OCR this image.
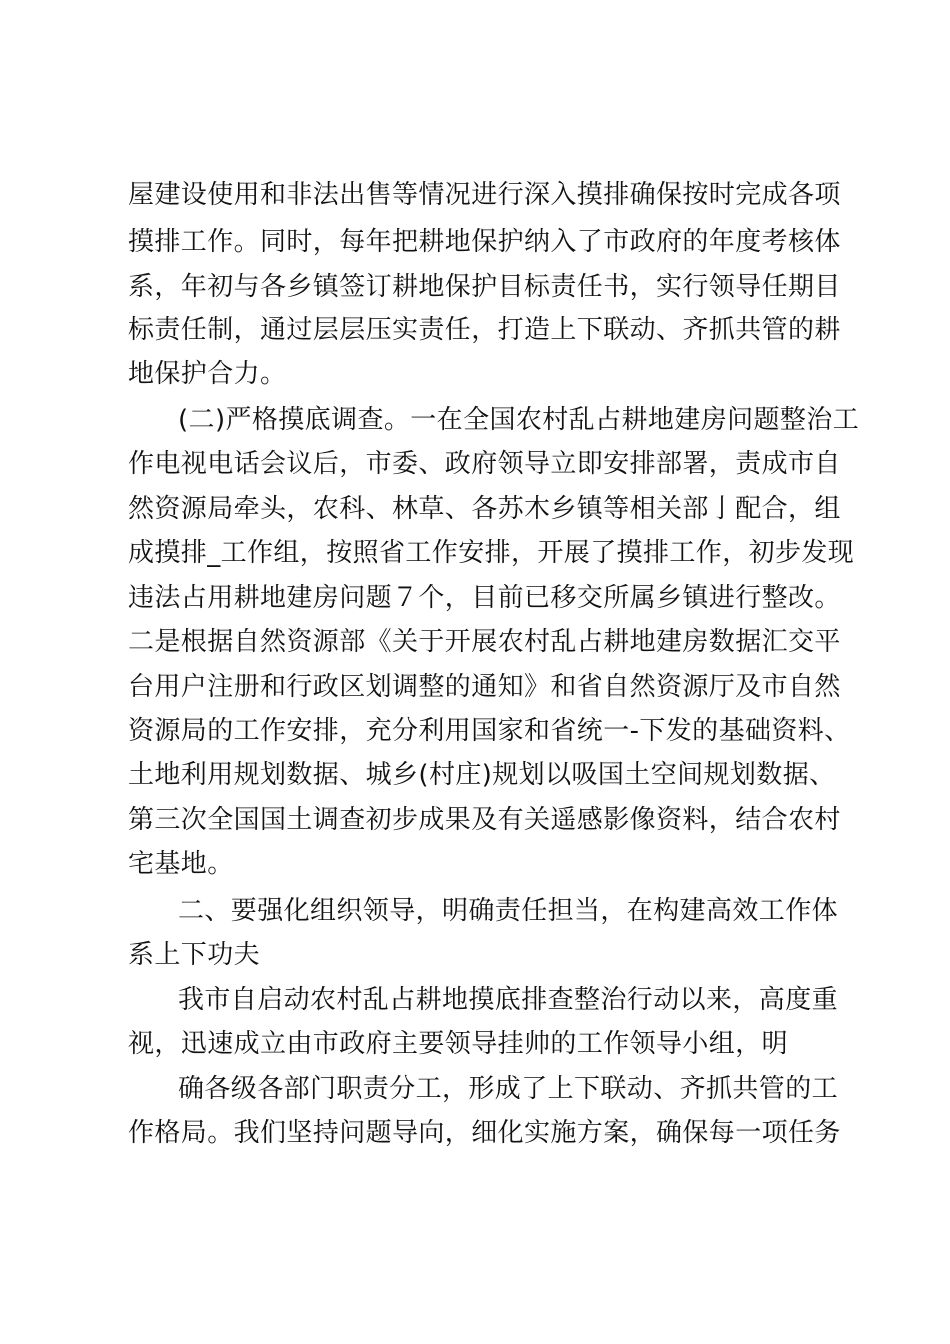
屋建设使用和非法出售等情况进行深入摸排确保按时完成各项
摸排工作。同时，每年把耕地保护纳入了市政府的年度考核体
系，年初与各乡镇签订耕地保护目标责任书，实行领导任期目
标责任制，通过层层压实责任，打造上下联动、齐抓共管的耕
地保护合力。
(二)严格摸底调查。一在全国农村乱占耕地建房问题整治工
作电视电话会议后，市委、政府领导立即安排部署，责成市自
然资源局牵头，农科、林草、各苏木乡镇等相关部亅配合，组
成摸排_工作组，按照省工作安排，开展了摸排工作，初步发现
违法占用耕地建房问题７个，目前已移交所属乡镇进行整改。
二是根据自然资源部《关于开展农村乱占耕地建房数据汇交平
台用户注册和行政区划调整的通知》和省自然资源厅及市自然
资源局的工作安排，充分利用国家和省统一-下发的基础资料、
土地利用规划数据、城乡(村庄)规划以吸国土空间规划数据、
第三次全国国土调查初步成果及有关遥感影像资料，结合农村
宅基地。
二、要强化组织领导，明确责任担当，在构建高效工作体
系上下功夫
我市自启动农村乱占耕地摸底排查整治行动以来，高度重
视，迅速成立由市政府主要领导挂帅的工作领导小组，明
确各级各部门职责分工，形成了上下联动、齐抓共管的工
作格局。我们坚持问题导向，细化实施方案，确保每一项任务
